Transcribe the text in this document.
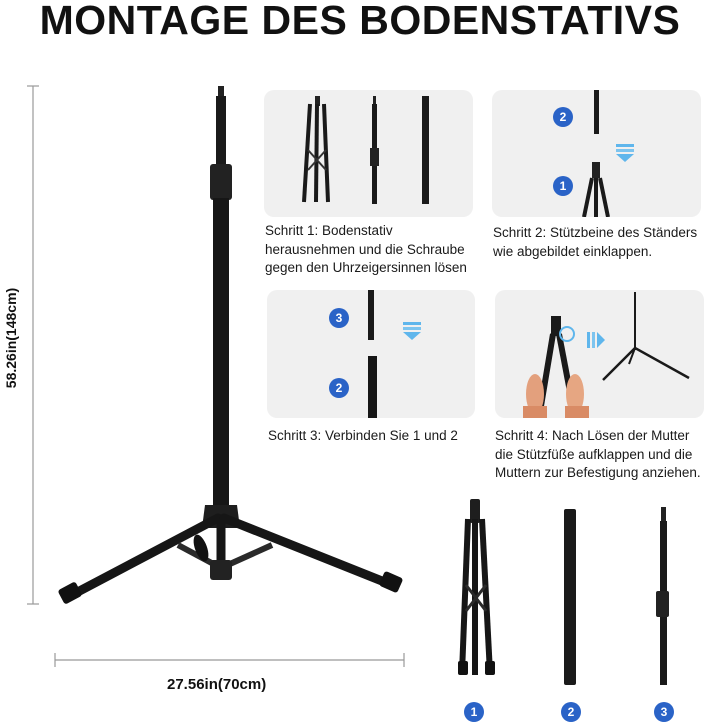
MONTAGE DES BODENSTATIVS
58.26in(148cm)
27.56in(70cm)
Schritt 1: Bodenstativ
herausnehmen und die Schraube
gegen den Uhrzeigersinnen lösen
2
1
Schritt 2: Stützbeine des Ständers
wie abgebildet einklappen.
3
2
Schritt 3: Verbinden Sie 1 und 2	Schritt 4: Nach Lösen der Mutter
die Stützfüße aufklappen und die
Muttern zur Befestigung anziehen.
1	2	3
